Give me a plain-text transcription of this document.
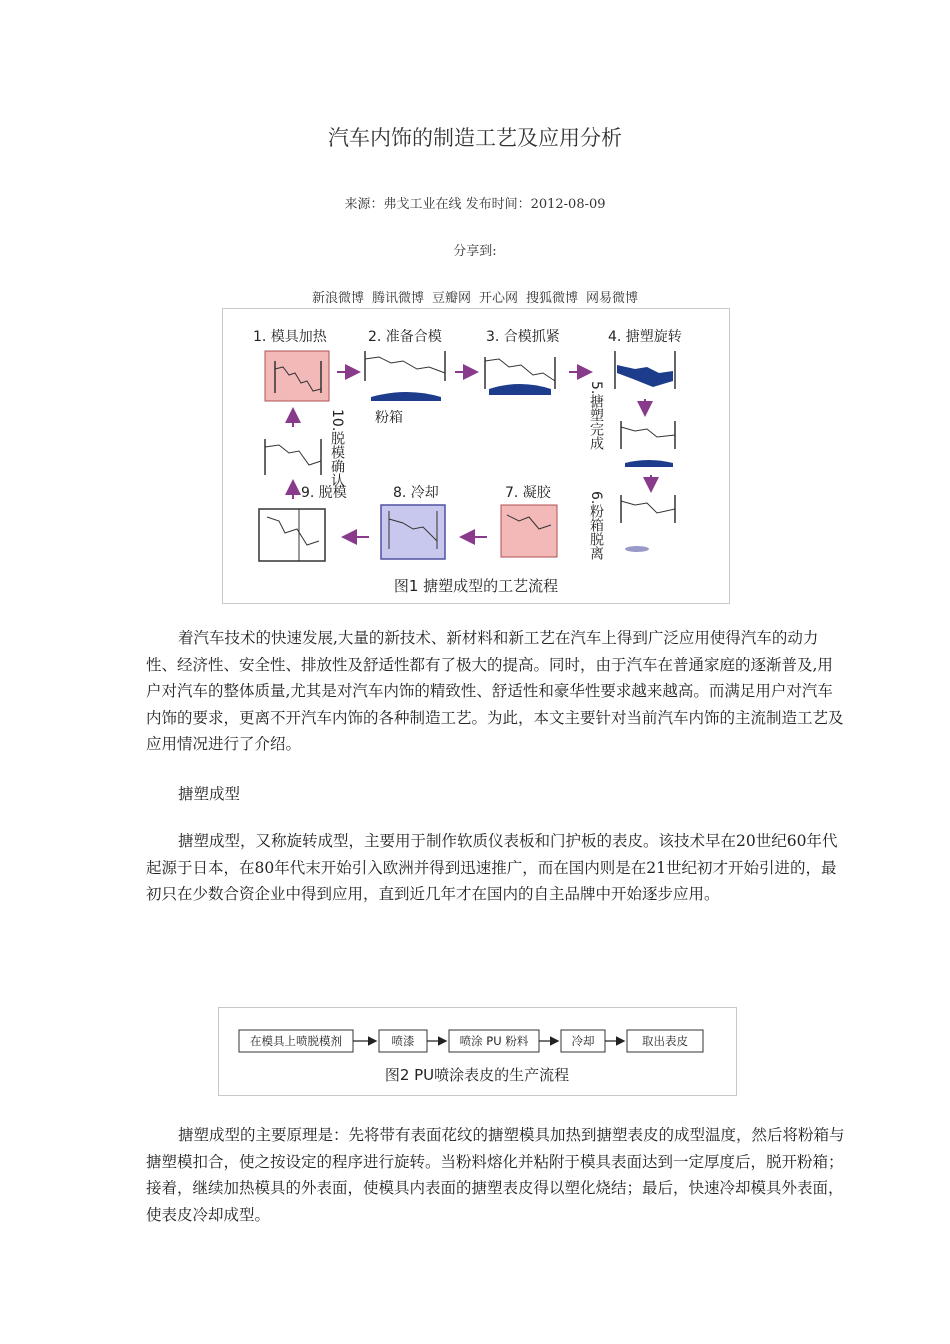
汽车内饰的制造工艺及应用分析
来源：弗戈工业在线 发布时间：2012-08-09
分享到:
新浪微博 腾讯微博 豆瓣网 开心网 搜狐微博 网易微博
1. 模具加热	2. 准备合模	3. 合模抓紧	4. 搪塑旋转
8. 冷却	7. 凝胶
9. 脱模
粉箱
10.脱模确认	5.搪塑完成
6.粉箱脱离
图1 搪塑成型的工艺流程

着汽车技术的快速发展,大量的新技术、新材料和新工艺在汽车上得到广泛应用使得汽车的动力性、经济性、安全性、排放性及舒适性都有了极大的提高。同时，由于汽车在普通家庭的逐渐普及,用户对汽车的整体质量,尤其是对汽车内饰的精致性、舒适性和豪华性要求越来越高。而满足用户对汽车内饰的要求，更离不开汽车内饰的各种制造工艺。为此，本文主要针对当前汽车内饰的主流制造工艺及应用情况进行了介绍。

搪塑成型

搪塑成型，又称旋转成型，主要用于制作软质仪表板和门护板的表皮。该技术早在20世纪60年代起源于日本，在80年代末开始引入欧洲并得到迅速推广，而在国内则是在21世纪初才开始引进的，最初只在少数合资企业中得到应用，直到近几年才在国内的自主品牌中开始逐步应用。

在模具上喷脱模剂	喷漆	喷涂 PU 粉料	冷却	取出表皮
图2 PU喷涂表皮的生产流程

搪塑成型的主要原理是：先将带有表面花纹的搪塑模具加热到搪塑表皮的成型温度，然后将粉箱与搪塑模扣合，使之按设定的程序进行旋转。当粉料熔化并粘附于模具表面达到一定厚度后，脱开粉箱；接着，继续加热模具的外表面，使模具内表面的搪塑表皮得以塑化烧结；最后，快速冷却模具外表面，使表皮冷却成型。
